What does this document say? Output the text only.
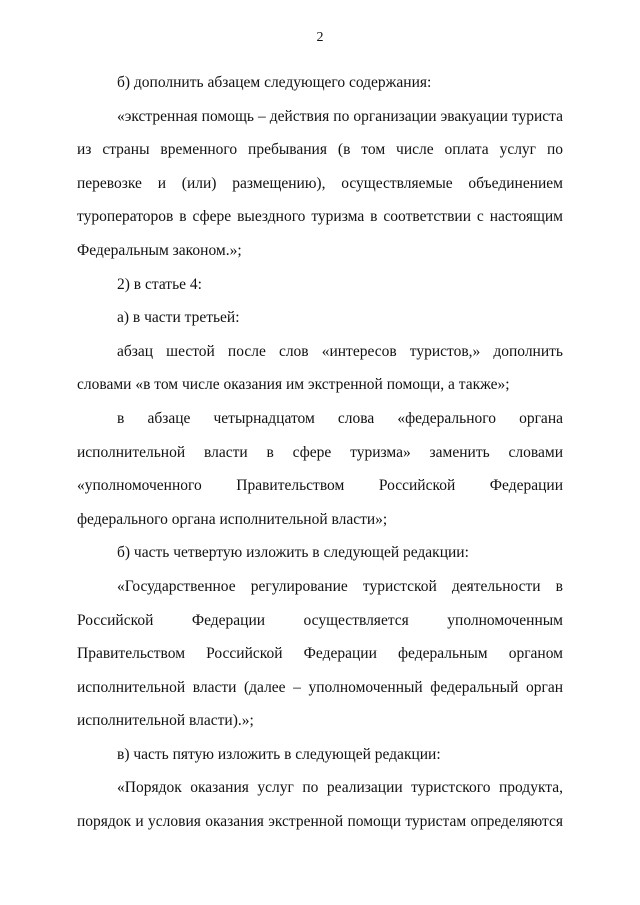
2

б) дополнить абзацем следующего содержания:

«экстренная помощь – действия по организации эвакуации туриста из страны временного пребывания (в том числе оплата услуг по перевозке и (или) размещению), осуществляемые объединением туроператоров в сфере выездного туризма в соответствии с настоящим Федеральным законом.»;

2) в статье 4:

а) в части третьей:

абзац шестой после слов «интересов туристов,» дополнить словами «в том числе оказания им экстренной помощи, а также»;

в абзаце четырнадцатом слова «федерального органа исполнительной власти в сфере туризма» заменить словами «уполномоченного Правительством Российской Федерации федерального органа исполнительной власти»;

б) часть четвертую изложить в следующей редакции:

«Государственное регулирование туристской деятельности в Российской Федерации осуществляется уполномоченным Правительством Российской Федерации федеральным органом исполнительной власти (далее – уполномоченный федеральный орган исполнительной власти).»;

в) часть пятую изложить в следующей редакции:

«Порядок оказания услуг по реализации туристского продукта, порядок и условия оказания экстренной помощи туристам определяются
